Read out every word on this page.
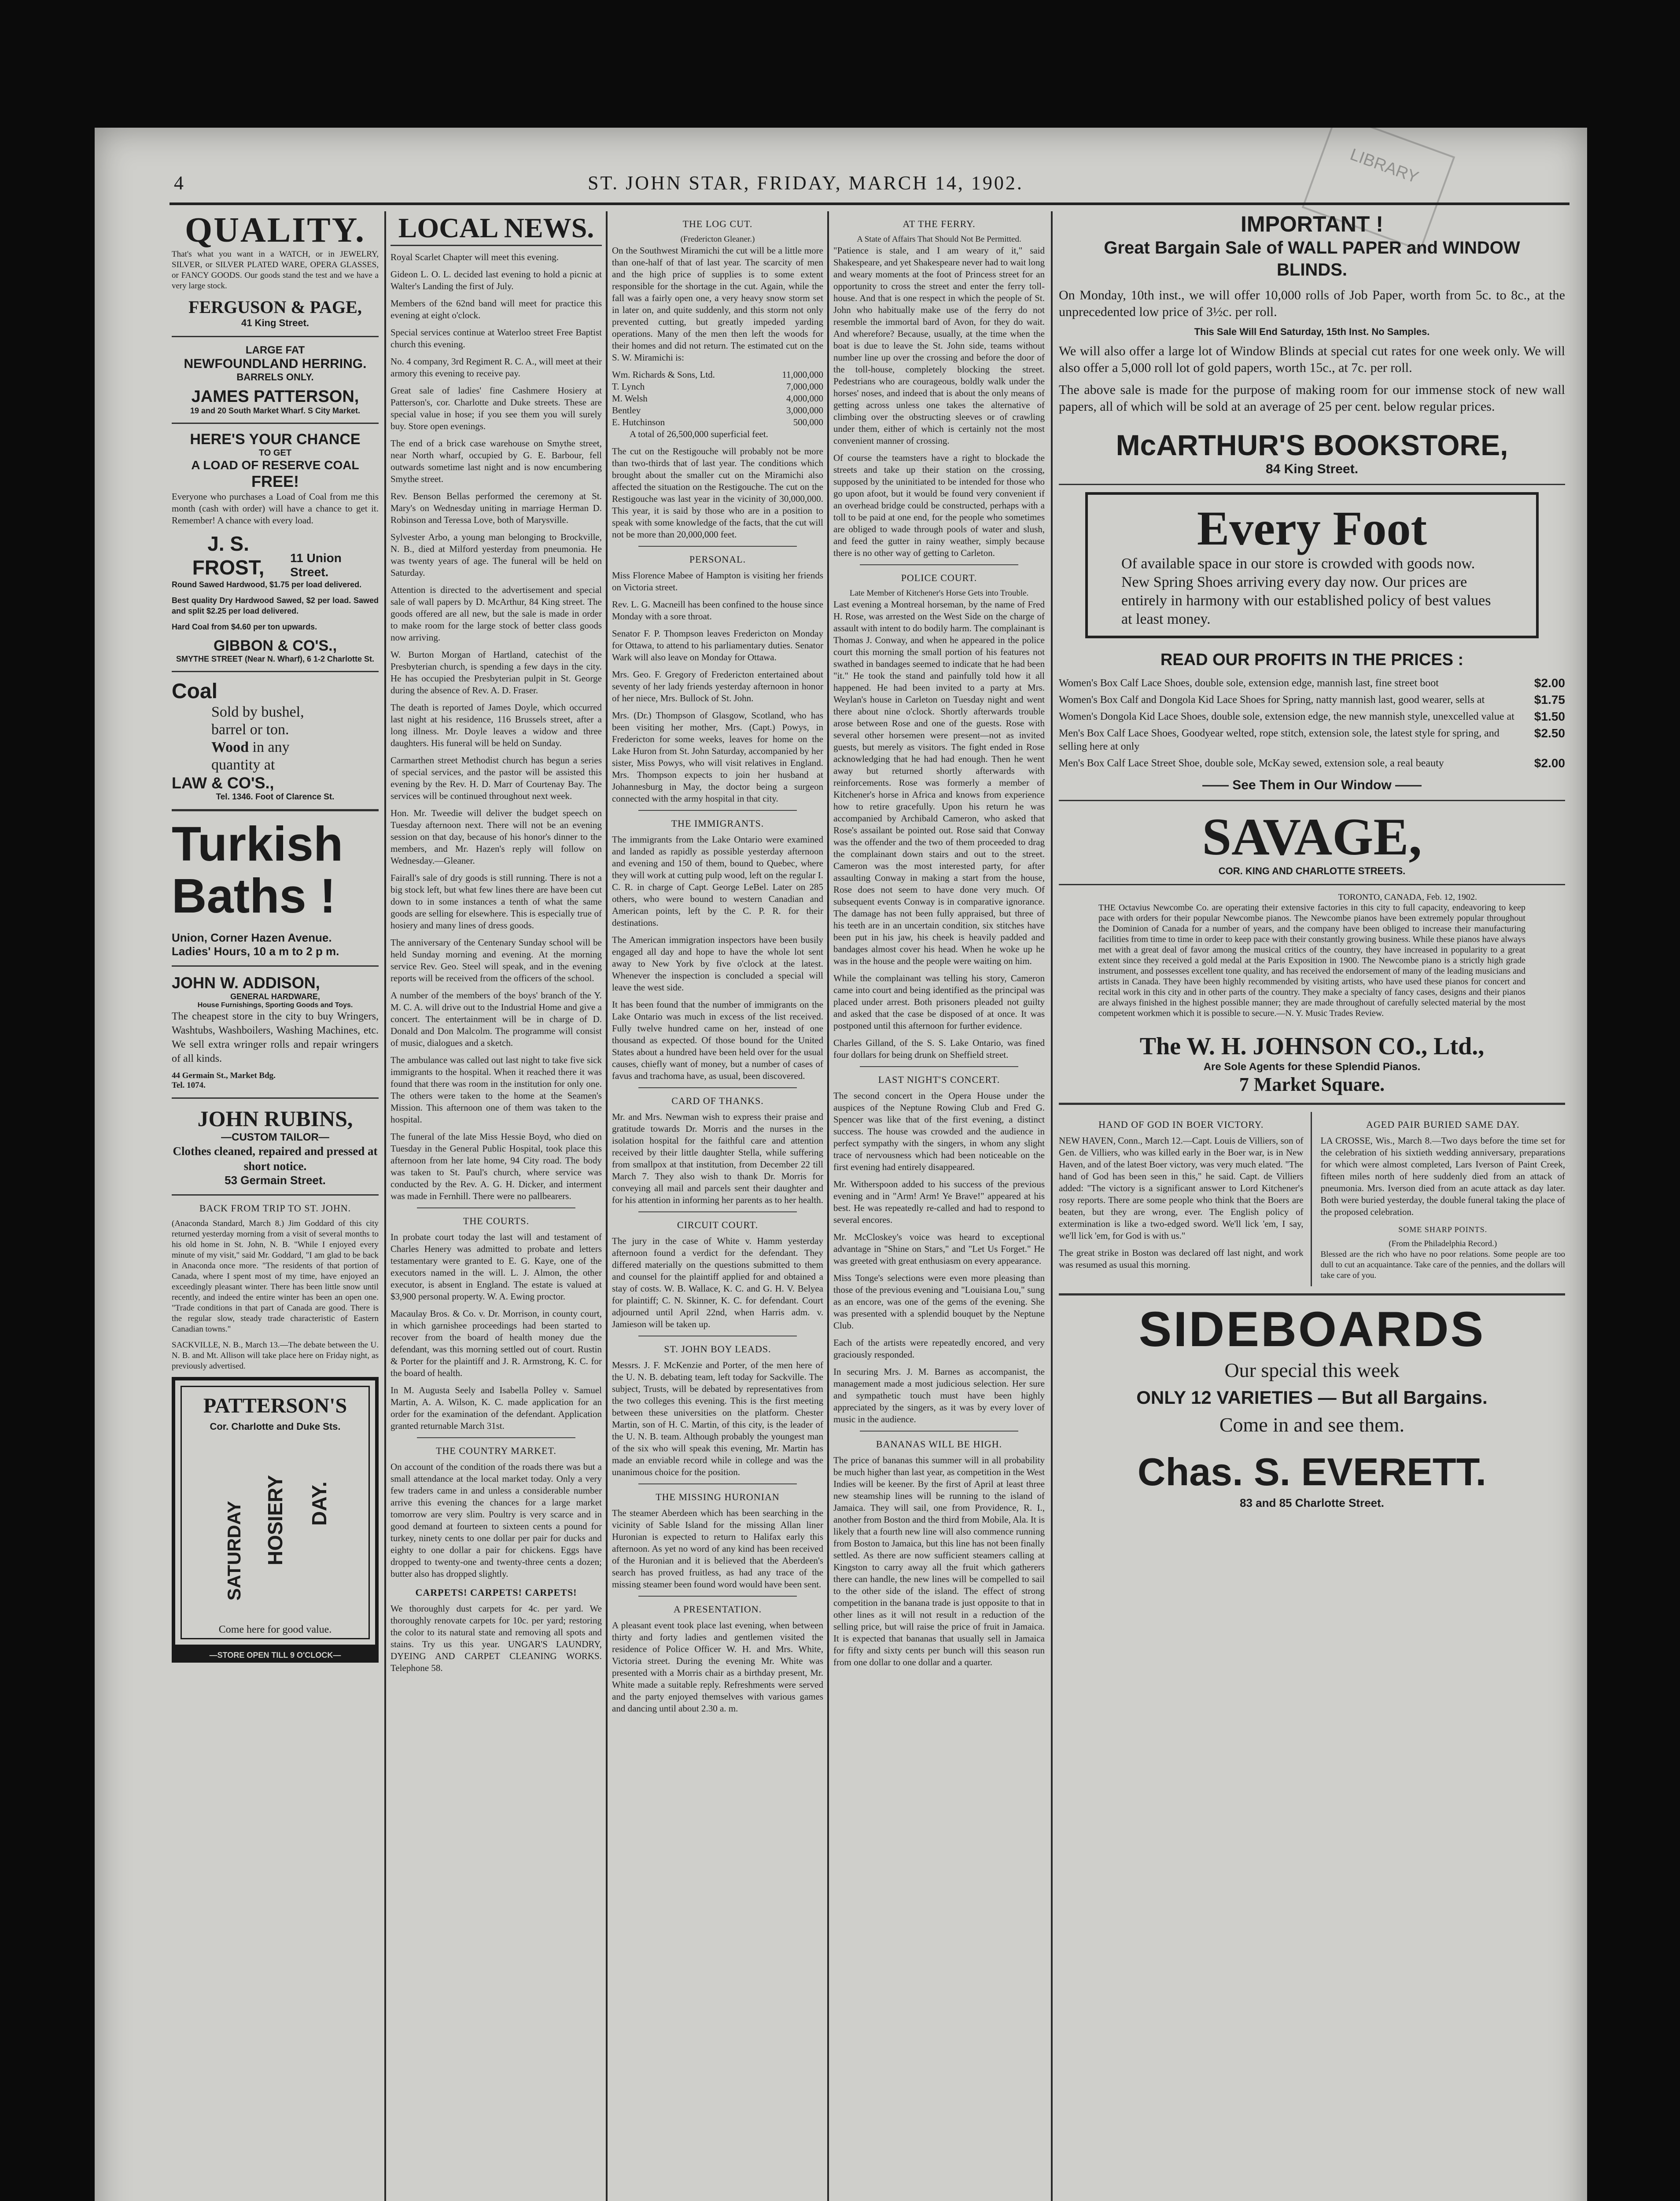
LIBRARY
4	ST. JOHN STAR, FRIDAY, MARCH 14, 1902.
QUALITY.

That's what you want in a WATCH, or in JEWELRY, SILVER, or SILVER PLATED WARE, OPERA GLASSES, or FANCY GOODS. Our goods stand the test and we have a very large stock.

FERGUSON & PAGE,
41 King Street.
LARGE FAT
NEWFOUNDLAND HERRING.
BARRELS ONLY.
JAMES PATTERSON,
19 and 20 South Market Wharf. S City Market.
HERE'S YOUR CHANCE
TO GET
A LOAD OF RESERVE COAL
FREE!

Everyone who purchases a Load of Coal from me this month (cash with order) will have a chance to get it. Remember! A chance with every load.

J. S. FROST,	11 Union Street.

Round Sawed Hardwood, $1.75 per load delivered.

Best quality Dry Hardwood Sawed, $2 per load. Sawed and split $2.25 per load delivered.

Hard Coal from $4.60 per ton upwards.

GIBBON & CO'S.,
SMYTHE STREET (Near N. Wharf), 6 1-2 Charlotte St.
Coal
Sold by bushel,
barrel or ton.
Wood in any
quantity at
LAW & CO'S.,
Tel. 1346. Foot of Clarence St.
Turkish
Baths !
Union, Corner Hazen Avenue.
Ladies' Hours, 10 a m to 2 p m.
JOHN W. ADDISON,
GENERAL HARDWARE,
House Furnishings, Sporting Goods and Toys.

The cheapest store in the city to buy Wringers, Washtubs, Washboilers, Washing Machines, etc. We sell extra wringer rolls and repair wringers of all kinds.

44 Germain St., Market Bdg.
Tel. 1074.
JOHN RUBINS,
—CUSTOM TAILOR—
Clothes cleaned, repaired and pressed at short notice.
53 Germain Street.
BACK FROM TRIP TO ST. JOHN.

(Anaconda Standard, March 8.) Jim Goddard of this city returned yesterday morning from a visit of several months to his old home in St. John, N. B. "While I enjoyed every minute of my visit," said Mr. Goddard, "I am glad to be back in Anaconda once more. "The residents of that portion of Canada, where I spent most of my time, have enjoyed an exceedingly pleasant winter. There has been little snow until recently, and indeed the entire winter has been an open one. "Trade conditions in that part of Canada are good. There is the regular slow, steady trade characteristic of Eastern Canadian towns."

SACKVILLE, N. B., March 13.—The debate between the U. N. B. and Mt. Allison will take place here on Friday night, as previously advertised.

PATTERSON'S
Cor. Charlotte and Duke Sts.
SATURDAY HOSIERY DAY.
Come here for good value.
—STORE OPEN TILL 9 O'CLOCK—
LOCAL NEWS.

Royal Scarlet Chapter will meet this evening.

Gideon L. O. L. decided last evening to hold a picnic at Walter's Landing the first of July.

Members of the 62nd band will meet for practice this evening at eight o'clock.

Special services continue at Waterloo street Free Baptist church this evening.

No. 4 company, 3rd Regiment R. C. A., will meet at their armory this evening to receive pay.

Great sale of ladies' fine Cashmere Hosiery at Patterson's, cor. Charlotte and Duke streets. These are special value in hose; if you see them you will surely buy. Store open evenings.

The end of a brick case warehouse on Smythe street, near North wharf, occupied by G. E. Barbour, fell outwards sometime last night and is now encumbering Smythe street.

Rev. Benson Bellas performed the ceremony at St. Mary's on Wednesday uniting in marriage Herman D. Robinson and Teressa Love, both of Marysville.

Sylvester Arbo, a young man belonging to Brockville, N. B., died at Milford yesterday from pneumonia. He was twenty years of age. The funeral will be held on Saturday.

Attention is directed to the advertisement and special sale of wall papers by D. McArthur, 84 King street. The goods offered are all new, but the sale is made in order to make room for the large stock of better class goods now arriving.

W. Burton Morgan of Hartland, catechist of the Presbyterian church, is spending a few days in the city. He has occupied the Presbyterian pulpit in St. George during the absence of Rev. A. D. Fraser.

The death is reported of James Doyle, which occurred last night at his residence, 116 Brussels street, after a long illness. Mr. Doyle leaves a widow and three daughters. His funeral will be held on Sunday.

Carmarthen street Methodist church has begun a series of special services, and the pastor will be assisted this evening by the Rev. H. D. Marr of Courtenay Bay. The services will be continued throughout next week.

Hon. Mr. Tweedie will deliver the budget speech on Tuesday afternoon next. There will not be an evening session on that day, because of his honor's dinner to the members, and Mr. Hazen's reply will follow on Wednesday.—Gleaner.

Fairall's sale of dry goods is still running. There is not a big stock left, but what few lines there are have been cut down to in some instances a tenth of what the same goods are selling for elsewhere. This is especially true of hosiery and many lines of dress goods.

The anniversary of the Centenary Sunday school will be held Sunday morning and evening. At the morning service Rev. Geo. Steel will speak, and in the evening reports will be received from the officers of the school.

A number of the members of the boys' branch of the Y. M. C. A. will drive out to the Industrial Home and give a concert. The entertainment will be in charge of D. Donald and Don Malcolm. The programme will consist of music, dialogues and a sketch.

The ambulance was called out last night to take five sick immigrants to the hospital. When it reached there it was found that there was room in the institution for only one. The others were taken to the home at the Seamen's Mission. This afternoon one of them was taken to the hospital.

The funeral of the late Miss Hessie Boyd, who died on Tuesday in the General Public Hospital, took place this afternoon from her late home, 94 City road. The body was taken to St. Paul's church, where service was conducted by the Rev. A. G. H. Dicker, and interment was made in Fernhill. There were no pallbearers.

THE COURTS.

In probate court today the last will and testament of Charles Henery was admitted to probate and letters testamentary were granted to E. G. Kaye, one of the executors named in the will. L. J. Almon, the other executor, is absent in England. The estate is valued at $3,900 personal property. W. A. Ewing proctor.

Macaulay Bros. & Co. v. Dr. Morrison, in county court, in which garnishee proceedings had been started to recover from the board of health money due the defendant, was this morning settled out of court. Rustin & Porter for the plaintiff and J. R. Armstrong, K. C. for the board of health.

In M. Augusta Seely and Isabella Polley v. Samuel Martin, A. A. Wilson, K. C. made application for an order for the examination of the defendant. Application granted returnable March 31st.

THE COUNTRY MARKET.

On account of the condition of the roads there was but a small attendance at the local market today. Only a very few traders came in and unless a considerable number arrive this evening the chances for a large market tomorrow are very slim. Poultry is very scarce and in good demand at fourteen to sixteen cents a pound for turkey, ninety cents to one dollar per pair for ducks and eighty to one dollar a pair for chickens. Eggs have dropped to twenty-one and twenty-three cents a dozen; butter also has dropped slightly.

CARPETS! CARPETS! CARPETS!

We thoroughly dust carpets for 4c. per yard. We thoroughly renovate carpets for 10c. per yard; restoring the color to its natural state and removing all spots and stains. Try us this year. UNGAR'S LAUNDRY, DYEING AND CARPET CLEANING WORKS. Telephone 58.

THE LOG CUT.
(Fredericton Gleaner.)

On the Southwest Miramichi the cut will be a little more than one-half of that of last year. The scarcity of men and the high price of supplies is to some extent responsible for the shortage in the cut. Again, while the fall was a fairly open one, a very heavy snow storm set in later on, and quite suddenly, and this storm not only prevented cutting, but greatly impeded yarding operations. Many of the men then left the woods for their homes and did not return. The estimated cut on the S. W. Miramichi is:

Wm. Richards & Sons, Ltd.	11,000,000
T. Lynch	7,000,000
M. Welsh	4,000,000
Bentley	3,000,000
E. Hutchinson	500,000

A total of 26,500,000 superficial feet.

The cut on the Restigouche will probably not be more than two-thirds that of last year. The conditions which brought about the smaller cut on the Miramichi also affected the situation on the Restigouche. The cut on the Restigouche was last year in the vicinity of 30,000,000. This year, it is said by those who are in a position to speak with some knowledge of the facts, that the cut will not be more than 20,000,000 feet.

PERSONAL.

Miss Florence Mabee of Hampton is visiting her friends on Victoria street.

Rev. L. G. Macneill has been confined to the house since Monday with a sore throat.

Senator F. P. Thompson leaves Fredericton on Monday for Ottawa, to attend to his parliamentary duties. Senator Wark will also leave on Monday for Ottawa.

Mrs. Geo. F. Gregory of Fredericton entertained about seventy of her lady friends yesterday afternoon in honor of her niece, Mrs. Bullock of St. John.

Mrs. (Dr.) Thompson of Glasgow, Scotland, who has been visiting her mother, Mrs. (Capt.) Powys, in Fredericton for some weeks, leaves for home on the Lake Huron from St. John Saturday, accompanied by her sister, Miss Powys, who will visit relatives in England. Mrs. Thompson expects to join her husband at Johannesburg in May, the doctor being a surgeon connected with the army hospital in that city.

THE IMMIGRANTS.

The immigrants from the Lake Ontario were examined and landed as rapidly as possible yesterday afternoon and evening and 150 of them, bound to Quebec, where they will work at cutting pulp wood, left on the regular I. C. R. in charge of Capt. George LeBel. Later on 285 others, who were bound to western Canadian and American points, left by the C. P. R. for their destinations.

The American immigration inspectors have been busily engaged all day and hope to have the whole lot sent away to New York by five o'clock at the latest. Whenever the inspection is concluded a special will leave the west side.

It has been found that the number of immigrants on the Lake Ontario was much in excess of the list received. Fully twelve hundred came on her, instead of one thousand as expected. Of those bound for the United States about a hundred have been held over for the usual causes, chiefly want of money, but a number of cases of favus and trachoma have, as usual, been discovered.

CARD OF THANKS.

Mr. and Mrs. Newman wish to express their praise and gratitude towards Dr. Morris and the nurses in the isolation hospital for the faithful care and attention received by their little daughter Stella, while suffering from smallpox at that institution, from December 22 till March 7. They also wish to thank Dr. Morris for conveying all mail and parcels sent their daughter and for his attention in informing her parents as to her health.

CIRCUIT COURT.

The jury in the case of White v. Hamm yesterday afternoon found a verdict for the defendant. They differed materially on the questions submitted to them and counsel for the plaintiff applied for and obtained a stay of costs. W. B. Wallace, K. C. and G. H. V. Belyea for plaintiff; C. N. Skinner, K. C. for defendant. Court adjourned until April 22nd, when Harris adm. v. Jamieson will be taken up.

ST. JOHN BOY LEADS.

Messrs. J. F. McKenzie and Porter, of the men here of the U. N. B. debating team, left today for Sackville. The subject, Trusts, will be debated by representatives from the two colleges this evening. This is the first meeting between these universities on the platform. Chester Martin, son of H. C. Martin, of this city, is the leader of the U. N. B. team. Although probably the youngest man of the six who will speak this evening, Mr. Martin has made an enviable record while in college and was the unanimous choice for the position.

THE MISSING HURONIAN

The steamer Aberdeen which has been searching in the vicinity of Sable Island for the missing Allan liner Huronian is expected to return to Halifax early this afternoon. As yet no word of any kind has been received of the Huronian and it is believed that the Aberdeen's search has proved fruitless, as had any trace of the missing steamer been found word would have been sent.

A PRESENTATION.

A pleasant event took place last evening, when between thirty and forty ladies and gentlemen visited the residence of Police Officer W. H. and Mrs. White, Victoria street. During the evening Mr. White was presented with a Morris chair as a birthday present, Mr. White made a suitable reply. Refreshments were served and the party enjoyed themselves with various games and dancing until about 2.30 a. m.

AT THE FERRY.
A State of Affairs That Should Not Be Permitted.

"Patience is stale, and I am weary of it," said Shakespeare, and yet Shakespeare never had to wait long and weary moments at the foot of Princess street for an opportunity to cross the street and enter the ferry toll-house. And that is one respect in which the people of St. John who habitually make use of the ferry do not resemble the immortal bard of Avon, for they do wait. And wherefore? Because, usually, at the time when the boat is due to leave the St. John side, teams without number line up over the crossing and before the door of the toll-house, completely blocking the street. Pedestrians who are courageous, boldly walk under the horses' noses, and indeed that is about the only means of getting across unless one takes the alternative of climbing over the obstructing sleeves or of crawling under them, either of which is certainly not the most convenient manner of crossing.

Of course the teamsters have a right to blockade the streets and take up their station on the crossing, supposed by the uninitiated to be intended for those who go upon afoot, but it would be found very convenient if an overhead bridge could be constructed, perhaps with a toll to be paid at one end, for the people who sometimes are obliged to wade through pools of water and slush, and feed the gutter in rainy weather, simply because there is no other way of getting to Carleton.

POLICE COURT.
Late Member of Kitchener's Horse Gets into Trouble.

Last evening a Montreal horseman, by the name of Fred H. Rose, was arrested on the West Side on the charge of assault with intent to do bodily harm. The complainant is Thomas J. Conway, and when he appeared in the police court this morning the small portion of his features not swathed in bandages seemed to indicate that he had been "it." He took the stand and painfully told how it all happened. He had been invited to a party at Mrs. Weylan's house in Carleton on Tuesday night and went there about nine o'clock. Shortly afterwards trouble arose between Rose and one of the guests. Rose with several other horsemen were present—not as invited guests, but merely as visitors. The fight ended in Rose acknowledging that he had had enough. Then he went away but returned shortly afterwards with reinforcements. Rose was formerly a member of Kitchener's horse in Africa and knows from experience how to retire gracefully. Upon his return he was accompanied by Archibald Cameron, who asked that Rose's assailant be pointed out. Rose said that Conway was the offender and the two of them proceeded to drag the complainant down stairs and out to the street. Cameron was the most interested party, for after assaulting Conway in making a start from the house, Rose does not seem to have done very much. Of subsequent events Conway is in comparative ignorance. The damage has not been fully appraised, but three of his teeth are in an uncertain condition, six stitches have been put in his jaw, his cheek is heavily padded and bandages almost cover his head. When he woke up he was in the house and the people were waiting on him.

While the complainant was telling his story, Cameron came into court and being identified as the principal was placed under arrest. Both prisoners pleaded not guilty and asked that the case be disposed of at once. It was postponed until this afternoon for further evidence.

Charles Gilland, of the S. S. Lake Ontario, was fined four dollars for being drunk on Sheffield street.

LAST NIGHT'S CONCERT.

The second concert in the Opera House under the auspices of the Neptune Rowing Club and Fred G. Spencer was like that of the first evening, a distinct success. The house was crowded and the audience in perfect sympathy with the singers, in whom any slight trace of nervousness which had been noticeable on the first evening had entirely disappeared.

Mr. Witherspoon added to his success of the previous evening and in "Arm! Arm! Ye Brave!" appeared at his best. He was repeatedly re-called and had to respond to several encores.

Mr. McCloskey's voice was heard to exceptional advantage in "Shine on Stars," and "Let Us Forget." He was greeted with great enthusiasm on every appearance.

Miss Tonge's selections were even more pleasing than those of the previous evening and "Louisiana Lou," sung as an encore, was one of the gems of the evening. She was presented with a splendid bouquet by the Neptune Club.

Each of the artists were repeatedly encored, and very graciously responded.

In securing Mrs. J. M. Barnes as accompanist, the management made a most judicious selection. Her sure and sympathetic touch must have been highly appreciated by the singers, as it was by every lover of music in the audience.

BANANAS WILL BE HIGH.

The price of bananas this summer will in all probability be much higher than last year, as competition in the West Indies will be keener. By the first of April at least three new steamship lines will be running to the island of Jamaica. They will sail, one from Providence, R. I., another from Boston and the third from Mobile, Ala. It is likely that a fourth new line will also commence running from Boston to Jamaica, but this line has not been finally settled. As there are now sufficient steamers calling at Kingston to carry away all the fruit which gatherers there can handle, the new lines will be compelled to sail to the other side of the island. The effect of strong competition in the banana trade is just opposite to that in other lines as it will not result in a reduction of the selling price, but will raise the price of fruit in Jamaica. It is expected that bananas that usually sell in Jamaica for fifty and sixty cents per bunch will this season run from one dollar to one dollar and a quarter.

IMPORTANT !
Great Bargain Sale of WALL PAPER and WINDOW BLINDS.

On Monday, 10th inst., we will offer 10,000 rolls of Job Paper, worth from 5c. to 8c., at the unprecedented low price of 3½c. per roll.

This Sale Will End Saturday, 15th Inst. No Samples.

We will also offer a large lot of Window Blinds at special cut rates for one week only. We will also offer a 5,000 roll lot of gold papers, worth 15c., at 7c. per roll.

The above sale is made for the purpose of making room for our immense stock of new wall papers, all of which will be sold at an average of 25 per cent. below regular prices.

McARTHUR'S BOOKSTORE,
84 King Street.
Every Foot
Of available space in our store is crowded with goods now. New Spring Shoes arriving every day now. Our prices are entirely in harmony with our established policy of best values at least money.
READ OUR PROFITS IN THE PRICES :
Women's Box Calf Lace Shoes, double sole, extension edge, mannish last, fine street boot	$2.00
Women's Box Calf and Dongola Kid Lace Shoes for Spring, natty mannish last, good wearer, sells at	$1.75
Women's Dongola Kid Lace Shoes, double sole, extension edge, the new mannish style, unexcelled value at $1.50
Men's Box Calf Lace Shoes, Goodyear welted, rope stitch, extension sole, the latest style for spring, and selling here at only
$2.50
Men's Box Calf Lace Street Shoe, double sole, McKay sewed, extension sole, a real beauty	$2.00
—— See Them in Our Window ——
SAVAGE,
COR. KING AND CHARLOTTE STREETS.
TORONTO, CANADA, Feb. 12, 1902.

THE Octavius Newcombe Co. are operating their extensive factories in this city to full capacity, endeavoring to keep pace with orders for their popular Newcombe pianos. The Newcombe pianos have been extremely popular throughout the Dominion of Canada for a number of years, and the company have been obliged to increase their manufacturing facilities from time to time in order to keep pace with their constantly growing business. While these pianos have always met with a great deal of favor among the musical critics of the country, they have increased in popularity to a great extent since they received a gold medal at the Paris Exposition in 1900. The Newcombe piano is a strictly high grade instrument, and possesses excellent tone quality, and has received the endorsement of many of the leading musicians and artists in Canada. They have been highly recommended by visiting artists, who have used these pianos for concert and recital work in this city and in other parts of the country. They make a specialty of fancy cases, designs and their pianos are always finished in the highest possible manner; they are made throughout of carefully selected material by the most competent workmen which it is possible to secure.—N. Y. Music Trades Review.

The W. H. JOHNSON CO., Ltd.,
Are Sole Agents for these Splendid Pianos.
7 Market Square.
HAND OF GOD IN BOER VICTORY.

NEW HAVEN, Conn., March 12.—Capt. Louis de Villiers, son of Gen. de Villiers, who was killed early in the Boer war, is in New Haven, and of the latest Boer victory, was very much elated. "The hand of God has been seen in this," he said. Capt. de Villiers added: "The victory is a significant answer to Lord Kitchener's rosy reports. There are some people who think that the Boers are beaten, but they are wrong, ever. The English policy of extermination is like a two-edged sword. We'll lick 'em, I say, we'll lick 'em, for God is with us."

The great strike in Boston was declared off last night, and work was resumed as usual this morning.

AGED PAIR BURIED SAME DAY.

LA CROSSE, Wis., March 8.—Two days before the time set for the celebration of his sixtieth wedding anniversary, preparations for which were almost completed, Lars Iverson of Paint Creek, fifteen miles north of here suddenly died from an attack of pneumonia. Mrs. Iverson died from an acute attack as day later. Both were buried yesterday, the double funeral taking the place of the proposed celebration.

SOME SHARP POINTS.
(From the Philadelphia Record.)

Blessed are the rich who have no poor relations. Some people are too dull to cut an acquaintance. Take care of the pennies, and the dollars will take care of you.

SIDEBOARDS
Our special this week
ONLY 12 VARIETIES — But all Bargains.
Come in and see them.
Chas. S. EVERETT.
83 and 85 Charlotte Street.
